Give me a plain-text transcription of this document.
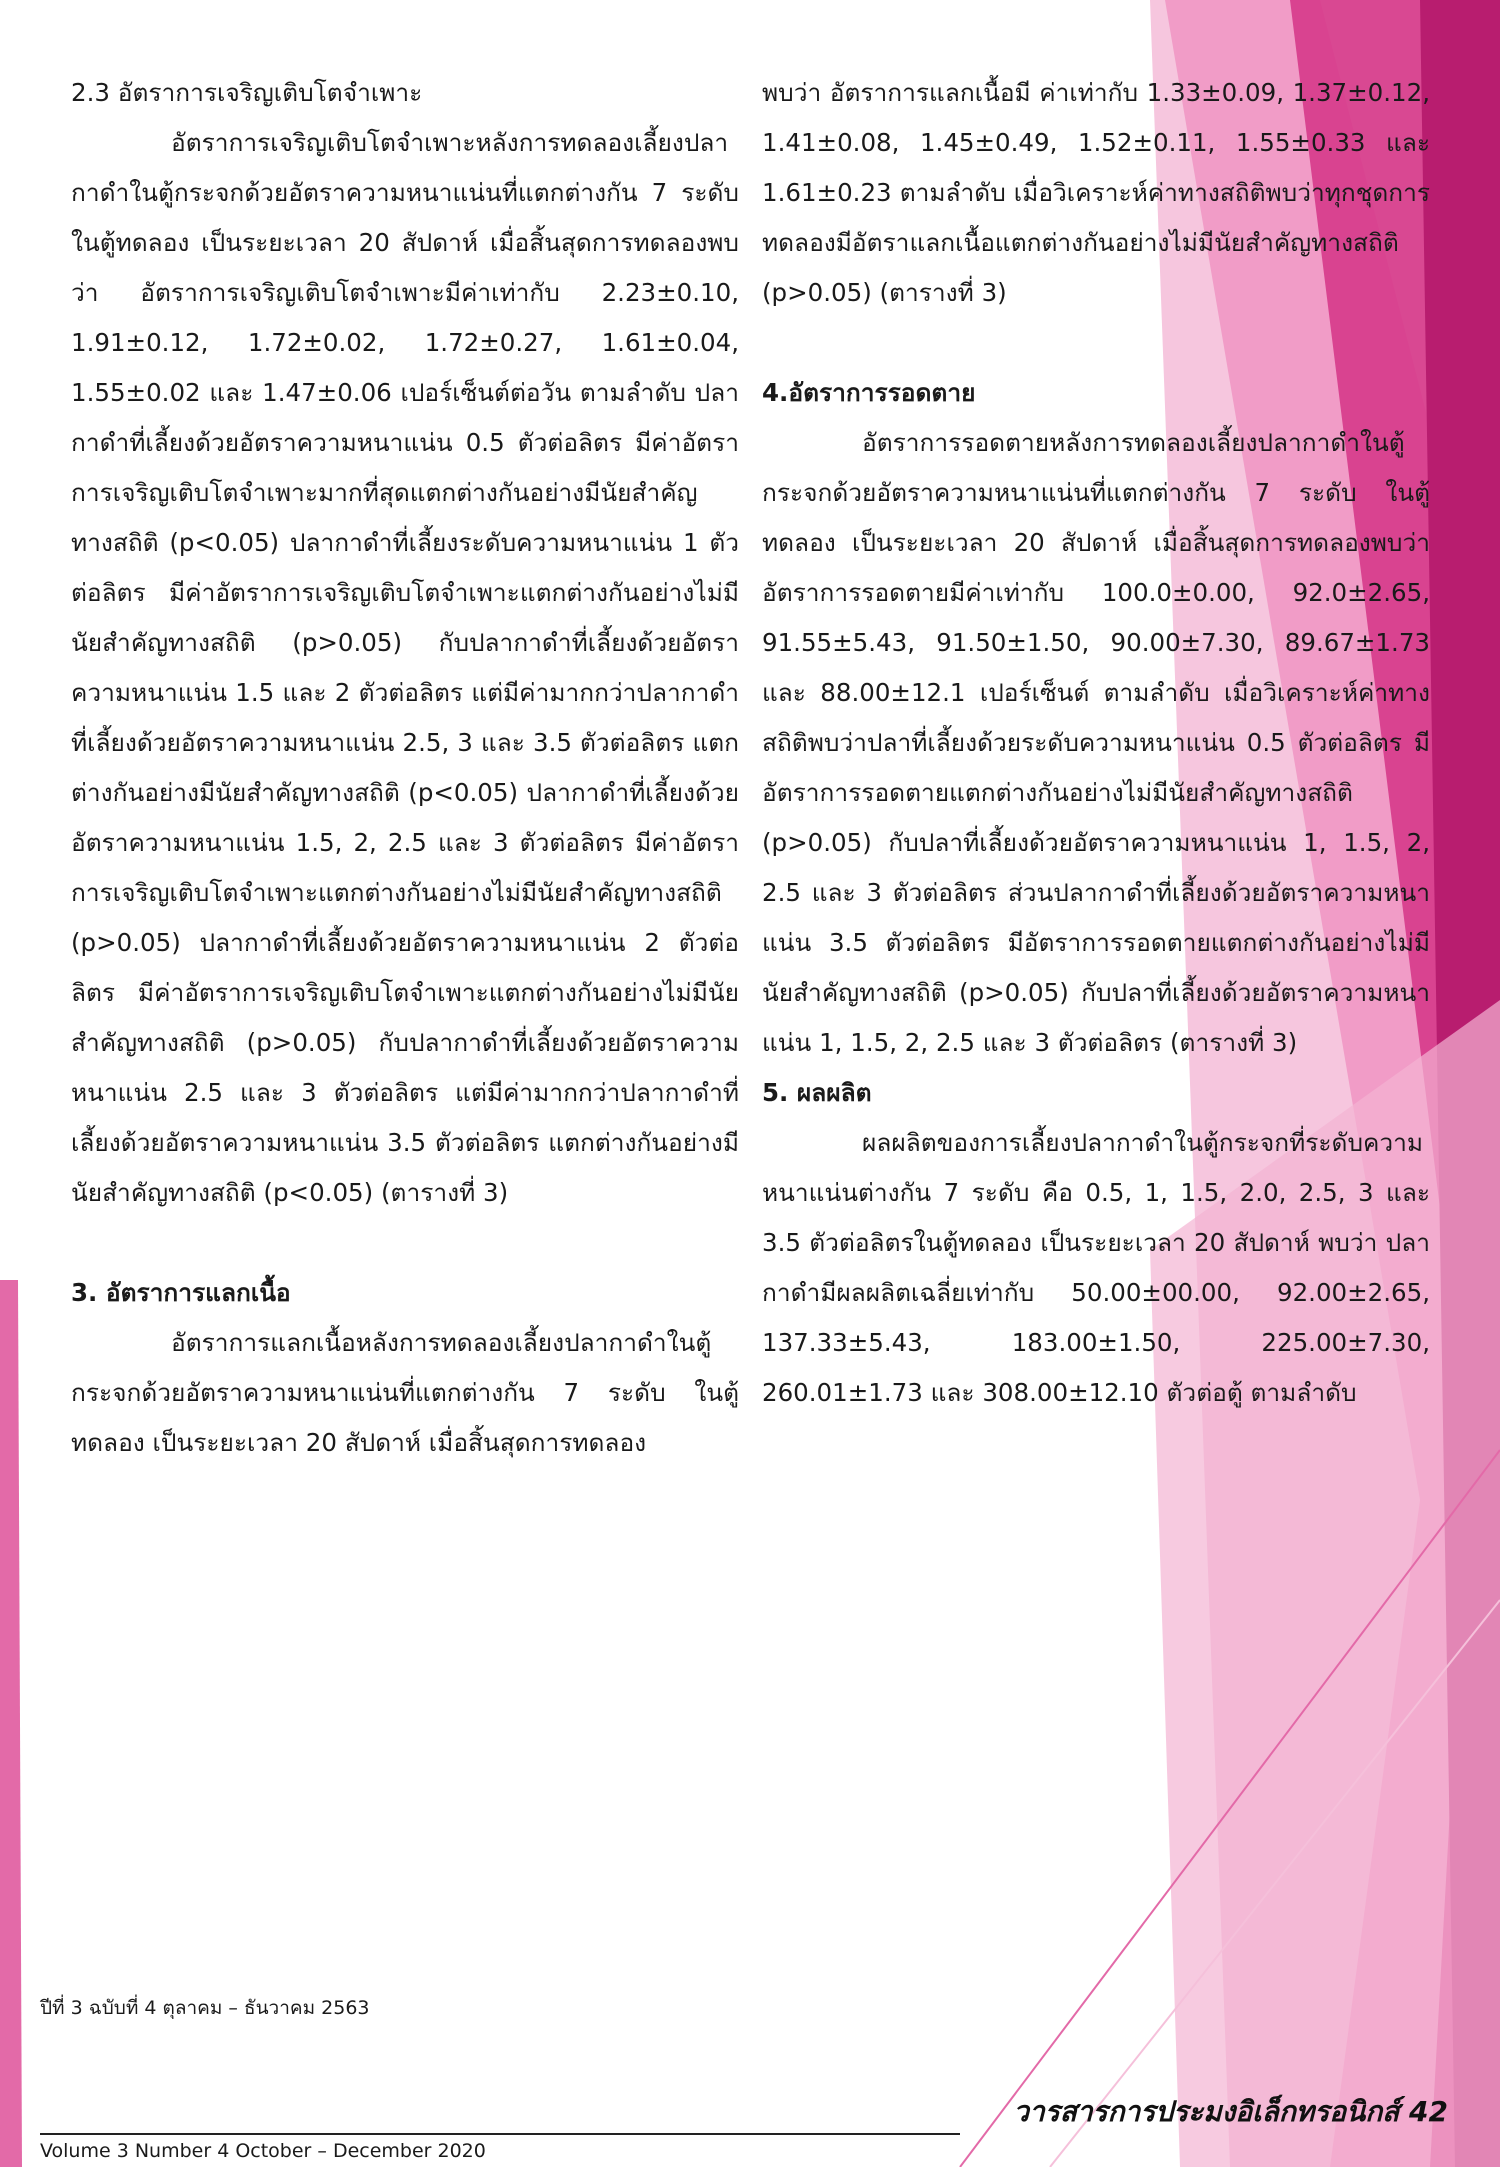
2.3 อัตราการเจริญเติบโตจำเพาะ

อัตราการเจริญเติบโตจำเพาะหลังการทดลองเลี้ยงปลากาดำในตู้กระจกด้วยอัตราความหนาแน่นที่แตกต่างกัน 7 ระดับ ในตู้ทดลอง เป็นระยะเวลา 20 สัปดาห์ เมื่อสิ้นสุดการทดลองพบว่า อัตราการเจริญเติบโตจำเพาะมีค่าเท่ากับ 2.23±0.10, 1.91±0.12, 1.72±0.02, 1.72±0.27, 1.61±0.04, 1.55±0.02 และ 1.47±0.06 เปอร์เซ็นต์ต่อวัน ตามลำดับ ปลากาดำที่เลี้ยงด้วยอัตราความหนาแน่น 0.5 ตัวต่อลิตร มีค่าอัตราการเจริญเติบโตจำเพาะมากที่สุดแตกต่างกันอย่างมีนัยสำคัญทางสถิติ (p<0.05) ปลากาดำที่เลี้ยงระดับความหนาแน่น 1 ตัวต่อลิตร มีค่าอัตราการเจริญเติบโตจำเพาะแตกต่างกันอย่างไม่มีนัยสำคัญทางสถิติ (p>0.05) กับปลากาดำที่เลี้ยงด้วยอัตราความหนาแน่น 1.5 และ 2 ตัวต่อลิตร แต่มีค่ามากกว่าปลากาดำที่เลี้ยงด้วยอัตราความหนาแน่น 2.5, 3 และ 3.5 ตัวต่อลิตร แตกต่างกันอย่างมีนัยสำคัญทางสถิติ (p<0.05) ปลากาดำที่เลี้ยงด้วยอัตราความหนาแน่น 1.5, 2, 2.5 และ 3 ตัวต่อลิตร มีค่าอัตราการเจริญเติบโตจำเพาะแตกต่างกันอย่างไม่มีนัยสำคัญทางสถิติ (p>0.05) ปลากาดำที่เลี้ยงด้วยอัตราความหนาแน่น 2 ตัวต่อลิตร มีค่าอัตราการเจริญเติบโตจำเพาะแตกต่างกันอย่างไม่มีนัยสำคัญทางสถิติ (p>0.05) กับปลากาดำที่เลี้ยงด้วยอัตราความหนาแน่น 2.5 และ 3 ตัวต่อลิตร แต่มีค่ามากกว่าปลากาดำที่เลี้ยงด้วยอัตราความหนาแน่น 3.5 ตัวต่อลิตร แตกต่างกันอย่างมีนัยสำคัญทางสถิติ (p<0.05) (ตารางที่ 3)

3. อัตราการแลกเนื้อ

อัตราการแลกเนื้อหลังการทดลองเลี้ยงปลากาดำในตู้กระจกด้วยอัตราความหนาแน่นที่แตกต่างกัน 7 ระดับ ในตู้ทดลอง เป็นระยะเวลา 20 สัปดาห์ เมื่อสิ้นสุดการทดลอง

พบว่า อัตราการแลกเนื้อมี ค่าเท่ากับ 1.33±0.09, 1.37±0.12, 1.41±0.08, 1.45±0.49, 1.52±0.11, 1.55±0.33 และ 1.61±0.23 ตามลำดับ เมื่อวิเคราะห์ค่าทางสถิติพบว่าทุกชุดการทดลองมีอัตราแลกเนื้อแตกต่างกันอย่างไม่มีนัยสำคัญทางสถิติ (p>0.05) (ตารางที่ 3)

4.อัตราการรอดตาย

อัตราการรอดตายหลังการทดลองเลี้ยงปลากาดำในตู้กระจกด้วยอัตราความหนาแน่นที่แตกต่างกัน 7 ระดับ ในตู้ทดลอง เป็นระยะเวลา 20 สัปดาห์ เมื่อสิ้นสุดการทดลองพบว่าอัตราการรอดตายมีค่าเท่ากับ 100.0±0.00, 92.0±2.65, 91.55±5.43, 91.50±1.50, 90.00±7.30, 89.67±1.73 และ 88.00±12.1 เปอร์เซ็นต์ ตามลำดับ เมื่อวิเคราะห์ค่าทางสถิติพบว่าปลาที่เลี้ยงด้วยระดับความหนาแน่น 0.5 ตัวต่อลิตร มีอัตราการรอดตายแตกต่างกันอย่างไม่มีนัยสำคัญทางสถิติ (p>0.05) กับปลาที่เลี้ยงด้วยอัตราความหนาแน่น 1, 1.5, 2, 2.5 และ 3 ตัวต่อลิตร ส่วนปลากาดำที่เลี้ยงด้วยอัตราความหนาแน่น 3.5 ตัวต่อลิตร มีอัตราการรอดตายแตกต่างกันอย่างไม่มีนัยสำคัญทางสถิติ (p>0.05) กับปลาที่เลี้ยงด้วยอัตราความหนาแน่น 1, 1.5, 2, 2.5 และ 3 ตัวต่อลิตร (ตารางที่ 3)

5. ผลผลิต

ผลผลิตของการเลี้ยงปลากาดำในตู้กระจกที่ระดับความหนาแน่นต่างกัน 7 ระดับ คือ 0.5, 1, 1.5, 2.0, 2.5, 3 และ 3.5 ตัวต่อลิตรในตู้ทดลอง เป็นระยะเวลา 20 สัปดาห์ พบว่า ปลากาดำมีผลผลิตเฉลี่ยเท่ากับ 50.00±00.00, 92.00±2.65, 137.33±5.43, 183.00±1.50, 225.00±7.30, 260.01±1.73 และ 308.00±12.10 ตัวต่อตู้ ตามลำดับ

ปีที่ 3 ฉบับที่ 4 ตุลาคม – ธันวาคม 2563
Volume 3 Number 4 October – December 2020
วารสารการประมงอิเล็กทรอนิกส์ 42
